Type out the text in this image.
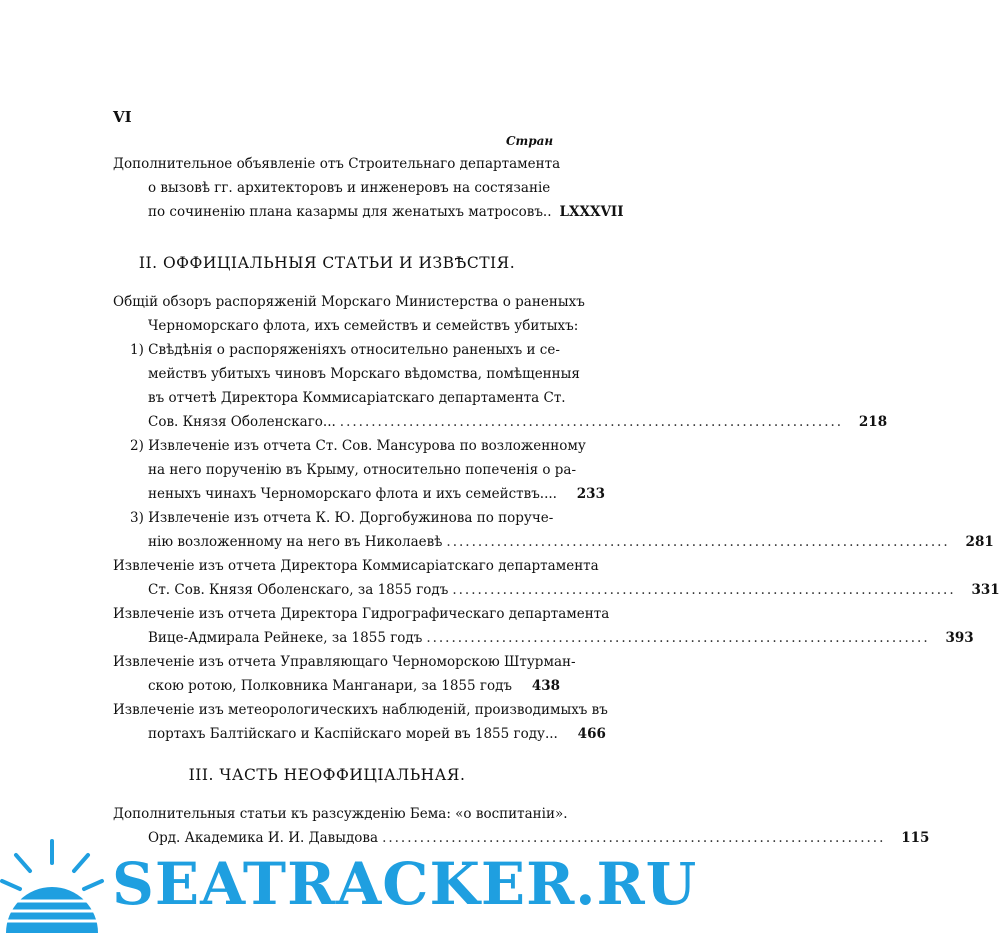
VI
Стран
Дополнительное объявленіе отъ Строительнаго департамента
о вызовѣ гг. архитекторовъ и инженеровъ на состязаніе
по сочиненію плана казармы для женатыхъ матросовъ.. LXXXVII
II. ОФФИЦІАЛЬНЫЯ СТАТЬИ И ИЗВѢСТІЯ.
Общій обзоръ распоряженій Морскаго Министерства о раненыхъ
Черноморскаго флота, ихъ семействъ и семействъ убитыхъ:
1) Свѣдѣнія о распоряженіяхъ относительно раненыхъ и се-
мействъ убитыхъ чиновъ Морскаго вѣдомства, помѣщенныя
въ отчетѣ Директора Коммисаріатскаго департамента Ст.
Сов. Князя Оболенскаго... ................................................................................	218
2) Извлеченіе изъ отчета Ст. Сов. Мансурова по возложенному
на него порученію въ Крыму, относительно попеченія о ра-
неныхъ чинахъ Черноморскаго флота и ихъ семействъ....	233
3) Извлеченіе изъ отчета К. Ю. Доргобужинова по поруче-
нію возложенному на него въ Николаевѣ ................................................................................	281
Извлеченіе изъ отчета Директора Коммисаріатскаго департамента
Ст. Сов. Князя Оболенскаго, за 1855 годъ ................................................................................	331
Извлеченіе изъ отчета Директора Гидрографическаго департамента
Вице-Адмирала Рейнеке, за 1855 годъ ................................................................................	393
Извлеченіе изъ отчета Управляющаго Черноморскою Штурман-
скою ротою, Полковника Манганари, за 1855 годъ	438
Извлеченіе изъ метеорологическихъ наблюденій, производимыхъ въ
портахъ Балтійскаго и Каспійскаго морей въ 1855 году...	466
III. ЧАСТЬ НЕОФФИЦІАЛЬНАЯ.
Дополнительныя статьи къ разсужденію Бема: «о воспитаніи».
Орд. Академика И. И. Давыдова ................................................................................	115
SEATRACKER.RU
